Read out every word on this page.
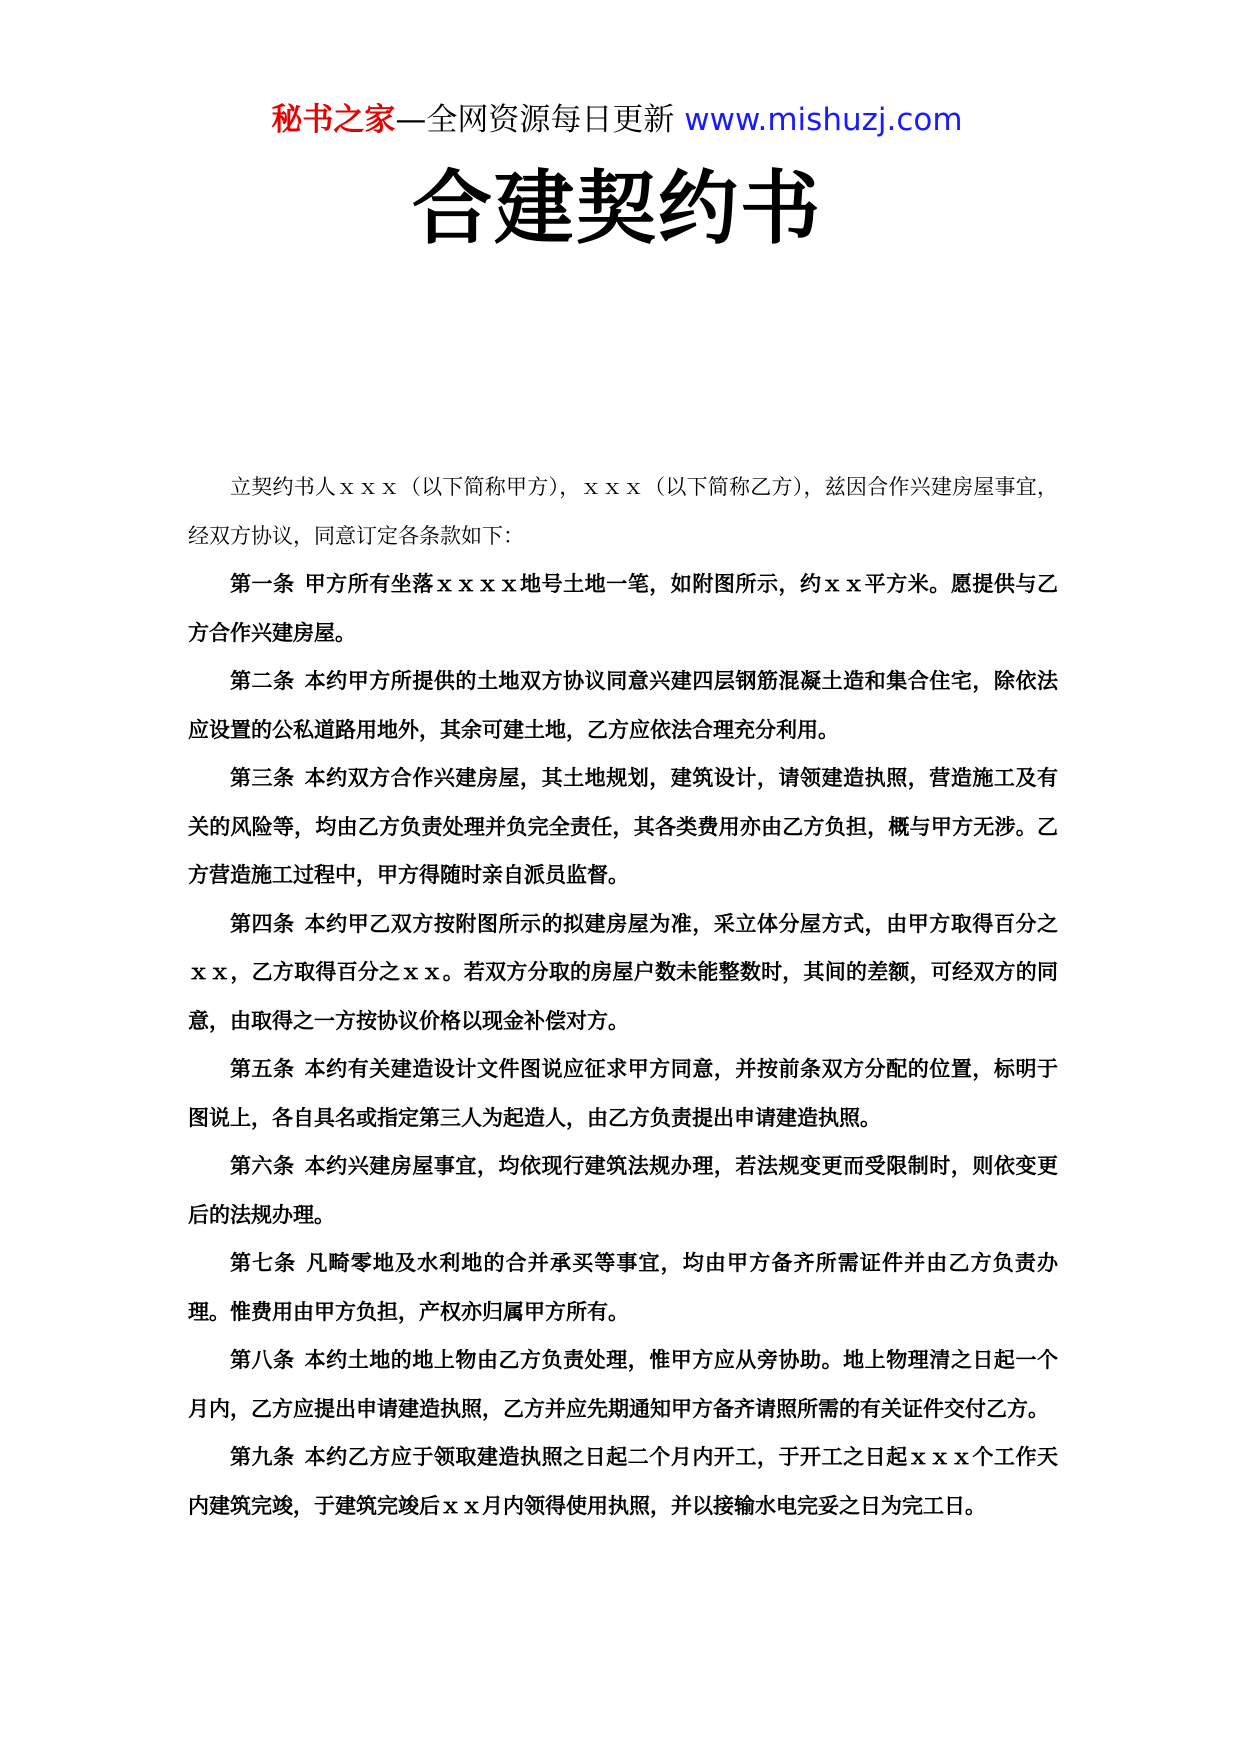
秘书之家—全网资源每日更新 www.mishuzj.com
合建契约书

立契约书人ｘｘｘ（以下简称甲方），ｘｘｘ（以下简称乙方），兹因合作兴建房屋事宜，经双方协议，同意订定各条款如下：

第一条 甲方所有坐落ｘｘｘｘ地号土地一笔，如附图所示，约ｘｘ平方米。愿提供与乙方合作兴建房屋。

第二条 本约甲方所提供的土地双方协议同意兴建四层钢筋混凝土造和集合住宅，除依法应设置的公私道路用地外，其余可建土地，乙方应依法合理充分利用。

第三条 本约双方合作兴建房屋，其土地规划，建筑设计，请领建造执照，营造施工及有关的风险等，均由乙方负责处理并负完全责任，其各类费用亦由乙方负担，概与甲方无涉。乙方营造施工过程中，甲方得随时亲自派员监督。

第四条 本约甲乙双方按附图所示的拟建房屋为准，采立体分屋方式，由甲方取得百分之ｘｘ，乙方取得百分之ｘｘ。若双方分取的房屋户数未能整数时，其间的差额，可经双方的同意，由取得之一方按协议价格以现金补偿对方。

第五条 本约有关建造设计文件图说应征求甲方同意，并按前条双方分配的位置，标明于图说上，各自具名或指定第三人为起造人，由乙方负责提出申请建造执照。

第六条 本约兴建房屋事宜，均依现行建筑法规办理，若法规变更而受限制时，则依变更后的法规办理。

第七条 凡畸零地及水利地的合并承买等事宜，均由甲方备齐所需证件并由乙方负责办理。惟费用由甲方负担，产权亦归属甲方所有。

第八条 本约土地的地上物由乙方负责处理，惟甲方应从旁协助。地上物理清之日起一个月内，乙方应提出申请建造执照，乙方并应先期通知甲方备齐请照所需的有关证件交付乙方。

第九条 本约乙方应于领取建造执照之日起二个月内开工，于开工之日起ｘｘｘ个工作天内建筑完竣，于建筑完竣后ｘｘ月内领得使用执照，并以接输水电完妥之日为完工日。
